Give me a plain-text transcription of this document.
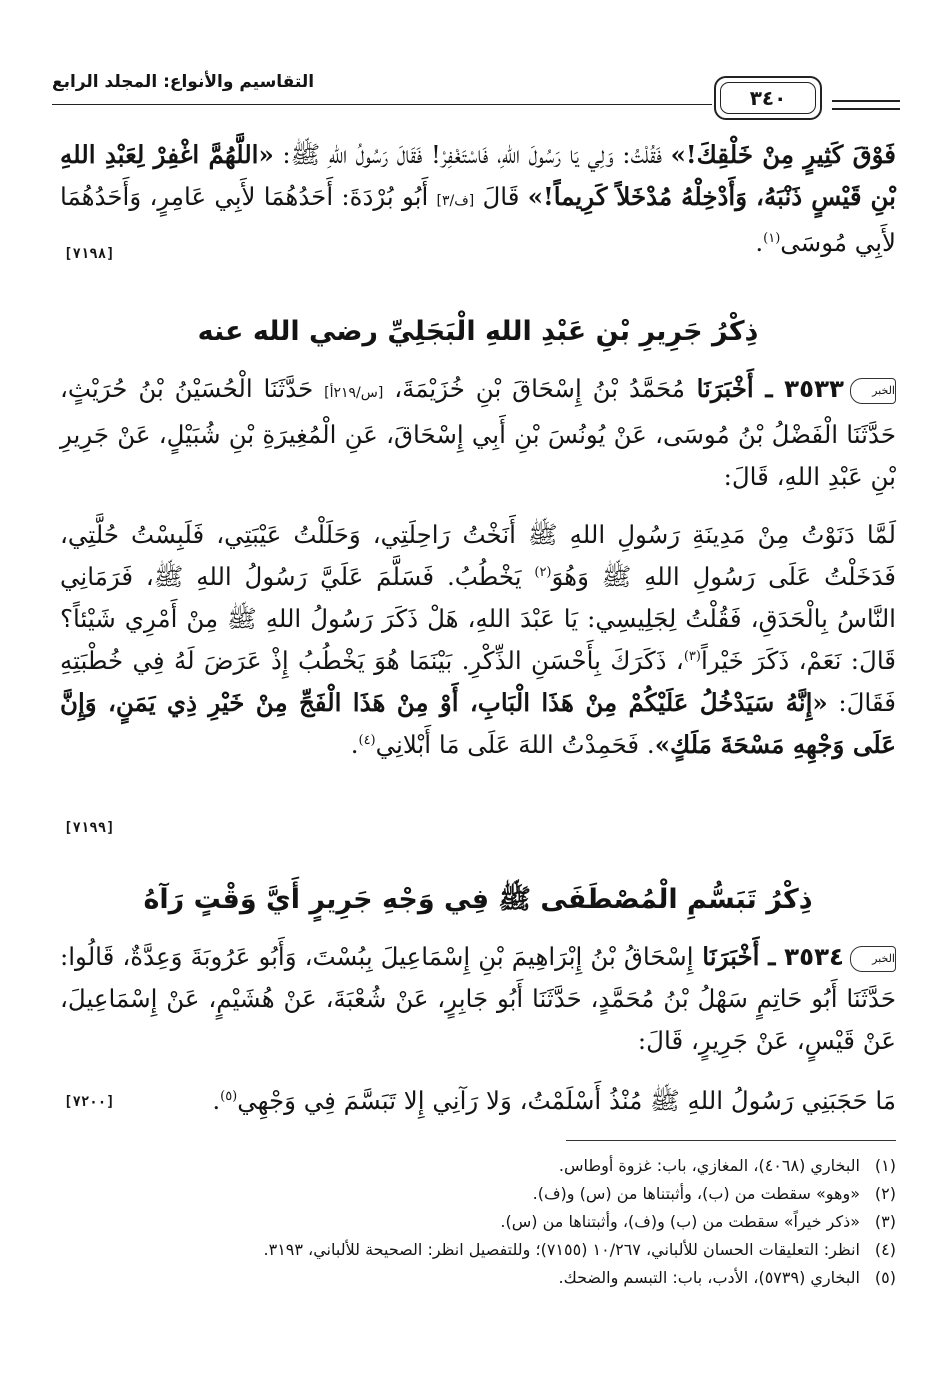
التقاسيم والأنواع: المجلد الرابع
٣٤٠
فَوْقَ كَثِيرٍ مِنْ خَلْقِكَ!» فَقُلْتُ: وَلِي يَا رَسُولَ اللهِ، فَاسْتَغْفِرْ! فَقَالَ رَسُولُ اللهِ ﷺ: «اللَّهُمَّ اغْفِرْ لِعَبْدِ اللهِ بْنِ قَيْسٍ ذَنْبَهُ، وَأَدْخِلْهُ مُدْخَلاً كَرِيماً!» قَالَ [ف/٣] أَبُو بُرْدَةَ: أَحَدُهُمَا لأَبِي عَامِرٍ، وَأَحَدُهُمَا لأَبِي مُوسَى$^{(١)}$.
[٧١٩٨]
ذِكْرُ جَرِيرِ بْنِ عَبْدِ اللهِ الْبَجَلِيِّ رضي الله عنه
الخبر٣٥٣٣ ـ أَخْبَرَنَا مُحَمَّدُ بْنُ إِسْحَاقَ بْنِ خُزَيْمَةَ، [س/٢١٩أ] حَدَّثَنَا الْحُسَيْنُ بْنُ حُرَيْثٍ، حَدَّثَنَا الْفَضْلُ بْنُ مُوسَى، عَنْ يُونُسَ بْنِ أَبِي إِسْحَاقَ، عَنِ الْمُغِيرَةِ بْنِ شُبَيْلٍ، عَنْ جَرِيرِ بْنِ عَبْدِ اللهِ، قَالَ:
لَمَّا دَنَوْتُ مِنْ مَدِينَةِ رَسُولِ اللهِ ﷺ أَنَخْتُ رَاحِلَتِي، وَحَلَلْتُ عَيْبَتِي، فَلَبِسْتُ حُلَّتِي، فَدَخَلْتُ عَلَى رَسُولِ اللهِ ﷺ وَهُوَ$^{(٢)}$ يَخْطُبُ. فَسَلَّمَ عَلَيَّ رَسُولُ اللهِ ﷺ، فَرَمَانِي النَّاسُ بِالْحَدَقِ، فَقُلْتُ لِجَلِيسِي: يَا عَبْدَ اللهِ، هَلْ ذَكَرَ رَسُولُ اللهِ ﷺ مِنْ أَمْرِي شَيْئاً؟ قَالَ: نَعَمْ، ذَكَرَ خَيْراً$^{(٣)}$، ذَكَرَكَ بِأَحْسَنِ الذِّكْرِ. بَيْنَمَا هُوَ يَخْطُبُ إِذْ عَرَضَ لَهُ فِي خُطْبَتِهِ فَقَالَ: «إِنَّهُ سَيَدْخُلُ عَلَيْكُمْ مِنْ هَذَا الْبَابِ، أَوْ مِنْ هَذَا الْفَجِّ مِنْ خَيْرِ ذِي يَمَنٍ، وَإِنَّ عَلَى وَجْهِهِ مَسْحَةَ مَلَكٍ». فَحَمِدْتُ اللهَ عَلَى مَا أَبْلانِي$^{(٤)}$.
[٧١٩٩]
ذِكْرُ تَبَسُّمِ الْمُصْطَفَى ﷺ فِي وَجْهِ جَرِيرٍ أَيَّ وَقْتٍ رَآهُ
الخبر٣٥٣٤ ـ أَخْبَرَنَا إِسْحَاقُ بْنُ إِبْرَاهِيمَ بْنِ إِسْمَاعِيلَ بِبُسْتَ، وَأَبُو عَرُوبَةَ وَعِدَّةٌ، قَالُوا: حَدَّثَنَا أَبُو حَاتِمٍ سَهْلُ بْنُ مُحَمَّدٍ، حَدَّثَنَا أَبُو جَابِرٍ، عَنْ شُعْبَةَ، عَنْ هُشَيْمٍ، عَنْ إِسْمَاعِيلَ، عَنْ قَيْسٍ، عَنْ جَرِيرٍ، قَالَ:
مَا حَجَبَنِي رَسُولُ اللهِ ﷺ مُنْذُ أَسْلَمْتُ، وَلا رَآنِي إِلا تَبَسَّمَ فِي وَجْهِي$^{(٥)}$.
[٧٢٠٠]
(١)البخاري (٤٠٦٨)، المغازي، باب: غزوة أوطاس.
(٢)«وهو» سقطت من (ب)، وأثبتناها من (س) و(ف).
(٣)«ذكر خيراً» سقطت من (ب) و(ف)، وأثبتناها من (س).
(٤)انظر: التعليقات الحسان للألباني، ١٠/٢٦٧ (٧١٥٥)؛ وللتفصيل انظر: الصحيحة للألباني، ٣١٩٣.
(٥)البخاري (٥٧٣٩)، الأدب، باب: التبسم والضحك.
